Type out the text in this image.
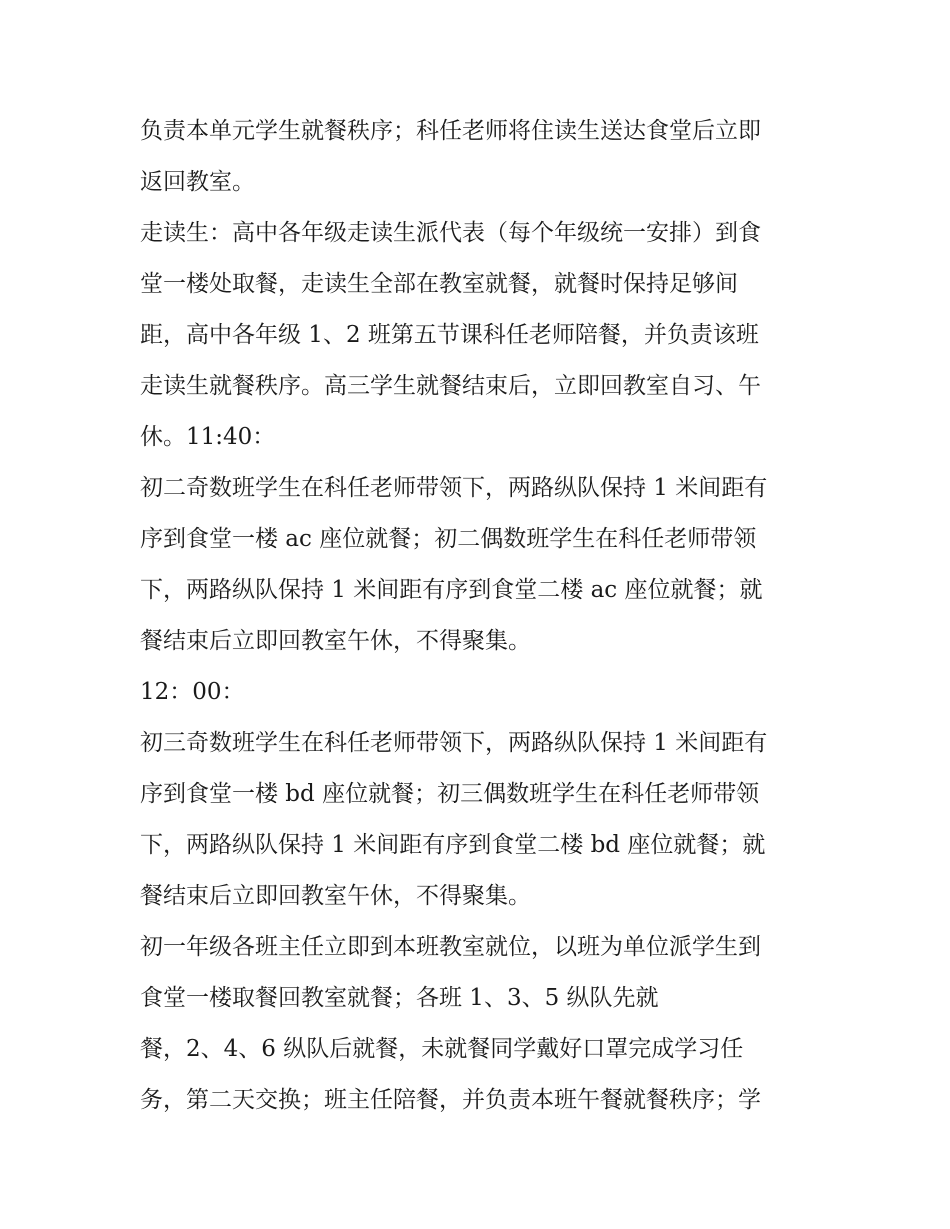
负责本单元学生就餐秩序；科任老师将住读生送达食堂后立即
返回教室。
走读生：高中各年级走读生派代表（每个年级统一安排）到食
堂一楼处取餐，走读生全部在教室就餐，就餐时保持足够间
距，高中各年级 1、2 班第五节课科任老师陪餐，并负责该班
走读生就餐秩序。高三学生就餐结束后，立即回教室自习、午
休。11:40：
初二奇数班学生在科任老师带领下，两路纵队保持 1 米间距有
序到食堂一楼 ac 座位就餐；初二偶数班学生在科任老师带领
下，两路纵队保持 1 米间距有序到食堂二楼 ac 座位就餐；就
餐结束后立即回教室午休，不得聚集。
12：00：
初三奇数班学生在科任老师带领下，两路纵队保持 1 米间距有
序到食堂一楼 bd 座位就餐；初三偶数班学生在科任老师带领
下，两路纵队保持 1 米间距有序到食堂二楼 bd 座位就餐；就
餐结束后立即回教室午休，不得聚集。
初一年级各班主任立即到本班教室就位，以班为单位派学生到
食堂一楼取餐回教室就餐；各班 1、3、5 纵队先就
餐，2、4、6 纵队后就餐，未就餐同学戴好口罩完成学习任
务，第二天交换；班主任陪餐，并负责本班午餐就餐秩序；学
